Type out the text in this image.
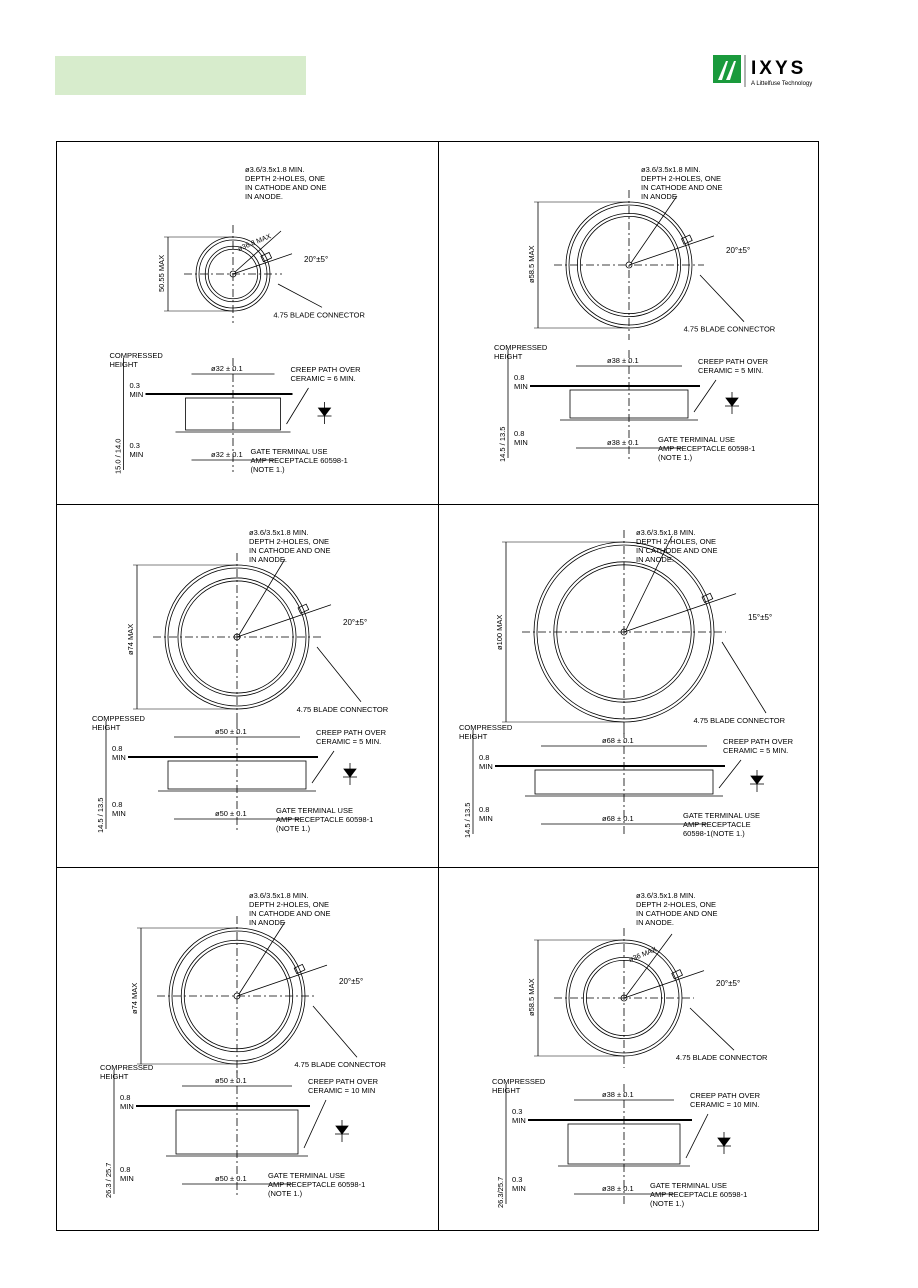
IXYS
A Littelfuse Technology
50.55 MAX
ø3.6/3.5x1.8 MIN.
DEPTH 2-HOLES, ONE
IN CATHODE AND ONE
IN ANODE.
ø36.8 MAX
20°±5°
4.75 BLADE CONNECTOR
ø32 ± 0.1
ø32 ± 0.1
15.0 / 14.0
COMPRESSED
HEIGHT
0.3
MIN
0.3
MIN
CREEP PATH OVER
CERAMIC = 6 MIN.
GATE TERMINAL USE
AMP RECEPTACLE 60598-1
(NOTE 1.)
ø58.5 MAX
ø3.6/3.5x1.8 MIN.
DEPTH 2-HOLES, ONE
IN CATHODE AND ONE
IN ANODE
20°±5°
4.75 BLADE CONNECTOR
ø38 ± 0.1
ø38 ± 0.1
14.5 / 13.5
COMPRESSED
HEIGHT
0.8
MIN
0.8
MIN
CREEP PATH OVER
CERAMIC = 5 MIN.
GATE TERMINAL USE
AMP RECEPTACLE 60598-1
(NOTE 1.)
ø74 MAX
ø3.6/3.5x1.8 MIN.
DEPTH 2-HOLES, ONE
IN CATHODE AND ONE
IN ANODE.
20°±5°
4.75 BLADE CONNECTOR
ø50 ± 0.1
ø50 ± 0.1
14.5 / 13.5
COMPPESSED
HEIGHT
0.8
MIN
0.8
MIN
CREEP PATH OVER
CERAMIC = 5 MIN.
GATE TERMINAL USE
AMP RECEPTACLE 60598-1
(NOTE 1.)
ø100 MAX
ø3.6/3.5x1.8 MIN.
DEPTH 2-HOLES, ONE
IN CATHODE AND ONE
IN ANODE.
15°±5°
4.75 BLADE CONNECTOR
ø68 ± 0.1
ø68 ± 0.1
14.5 / 13.5
COMPRESSED
HEIGHT
0.8
MIN
0.8
MIN
CREEP PATH OVER
CERAMIC = 5 MIN.
GATE TERMINAL USE
AMP RECEPTACLE
60598-1(NOTE 1.)
ø74 MAX
ø3.6/3.5x1.8 MIN.
DEPTH 2-HOLES, ONE
IN CATHODE AND ONE
IN ANODE
20°±5°
4.75 BLADE CONNECTOR
ø50 ± 0.1
ø50 ± 0.1
26.3 / 25.7
COMPRESSED
HEIGHT
0.8
MIN
0.8
MIN
CREEP PATH OVER
CERAMIC = 10 MIN
GATE TERMINAL USE
AMP RECEPTACLE 60598-1
(NOTE 1.)
ø58.5 MAX
ø3.6/3.5x1.8 MIN.
DEPTH 2-HOLES, ONE
IN CATHODE AND ONE
IN ANODE.
ø36 MAX
20°±5°
4.75 BLADE CONNECTOR
ø38 ± 0.1
ø38 ± 0.1
26.3/25.7
COMPRESSED
HEIGHT
0.3
MIN
0.3
MIN
CREEP PATH OVER
CERAMIC = 10 MIN.
GATE TERMINAL USE
AMP RECEPTACLE 60598-1
(NOTE 1.)
